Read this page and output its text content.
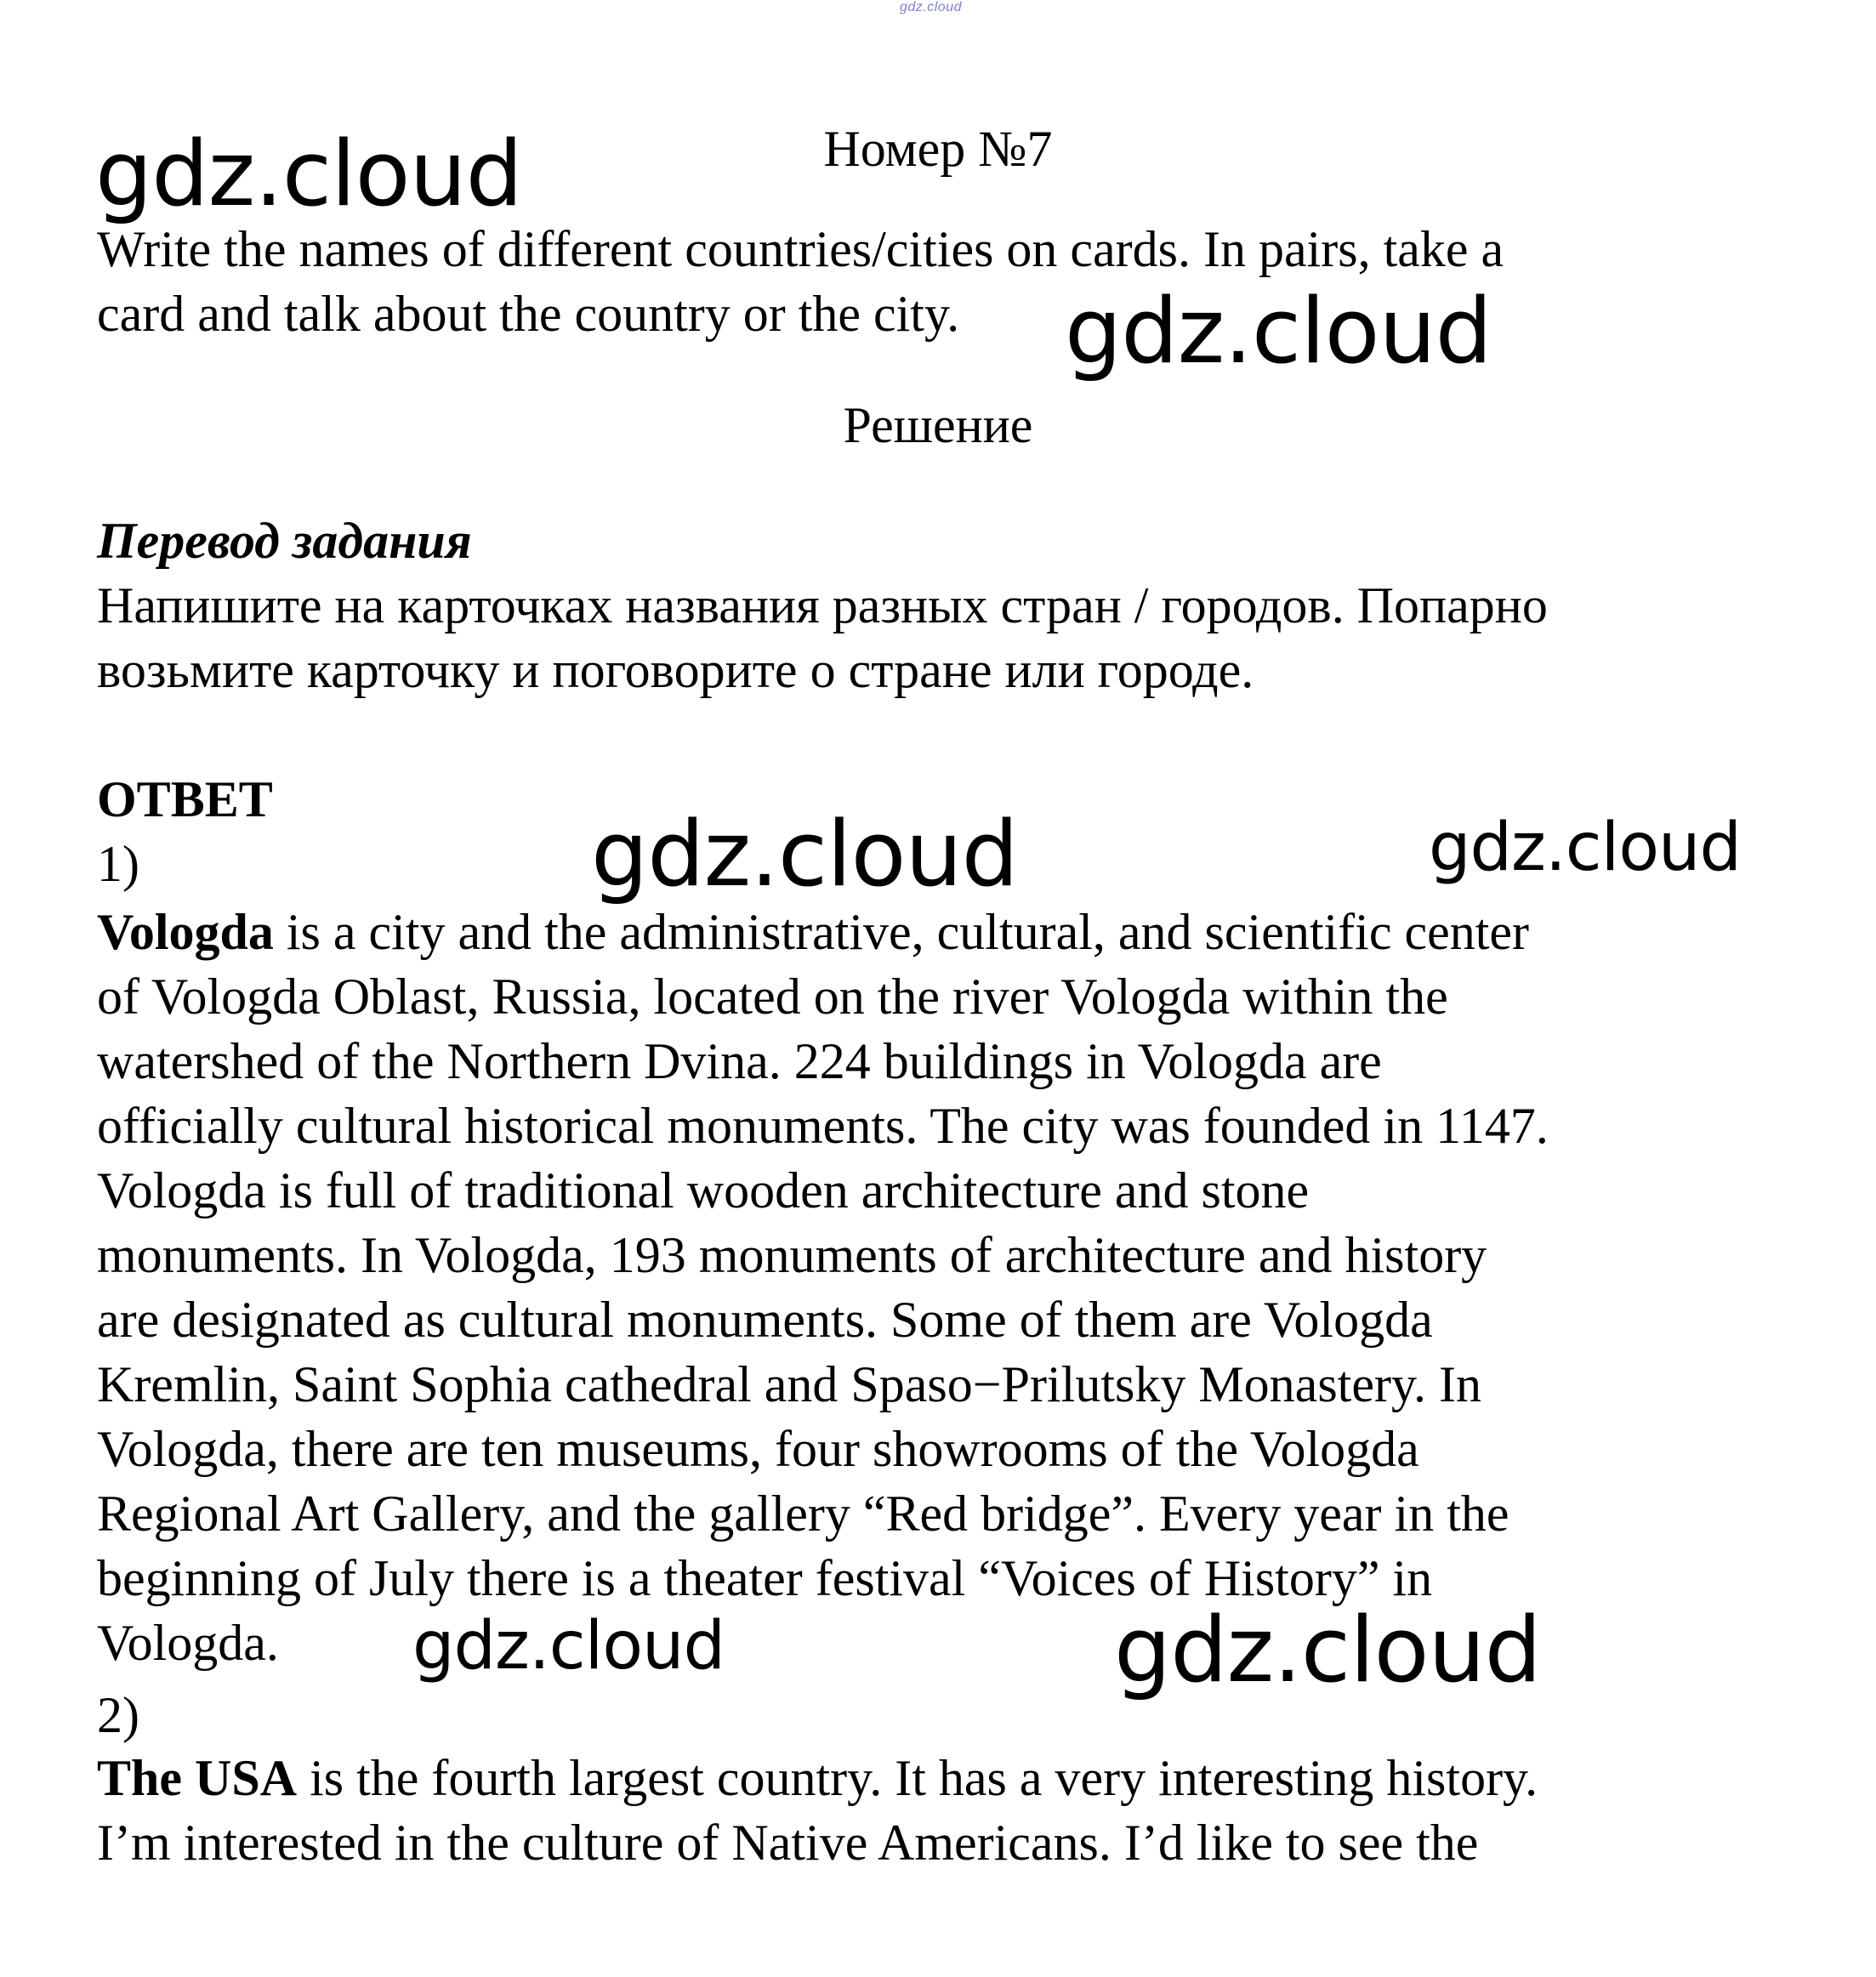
gdz.cloud
gdz.cloud	Номер №7
Write the names of different countries/cities on cards. In pairs, take a
card and talk about the country or the city.	gdz.cloud
Решение
Перевод задания
Напишите на карточках названия разных стран / городов. Попарно
возьмите карточку и поговорите о стране или городе.
ОТВЕТ
1)	gdz.cloud	gdz.cloud
Vologda is a city and the administrative, cultural, and scientific center
of Vologda Oblast, Russia, located on the river Vologda within the
watershed of the Northern Dvina. 224 buildings in Vologda are
officially cultural historical monuments. The city was founded in 1147.
Vologda is full of traditional wooden architecture and stone
monuments. In Vologda, 193 monuments of architecture and history
are designated as cultural monuments. Some of them are Vologda
Kremlin, Saint Sophia cathedral and Spaso−Prilutsky Monastery. In
Vologda, there are ten museums, four showrooms of the Vologda
Regional Art Gallery, and the gallery “Red bridge”. Every year in the
beginning of July there is a theater festival “Voices of History” in
Vologda.	gdz.cloud	gdz.cloud
2)
The USA is the fourth largest country. It has a very interesting history.
I’m interested in the culture of Native Americans. I’d like to see the
